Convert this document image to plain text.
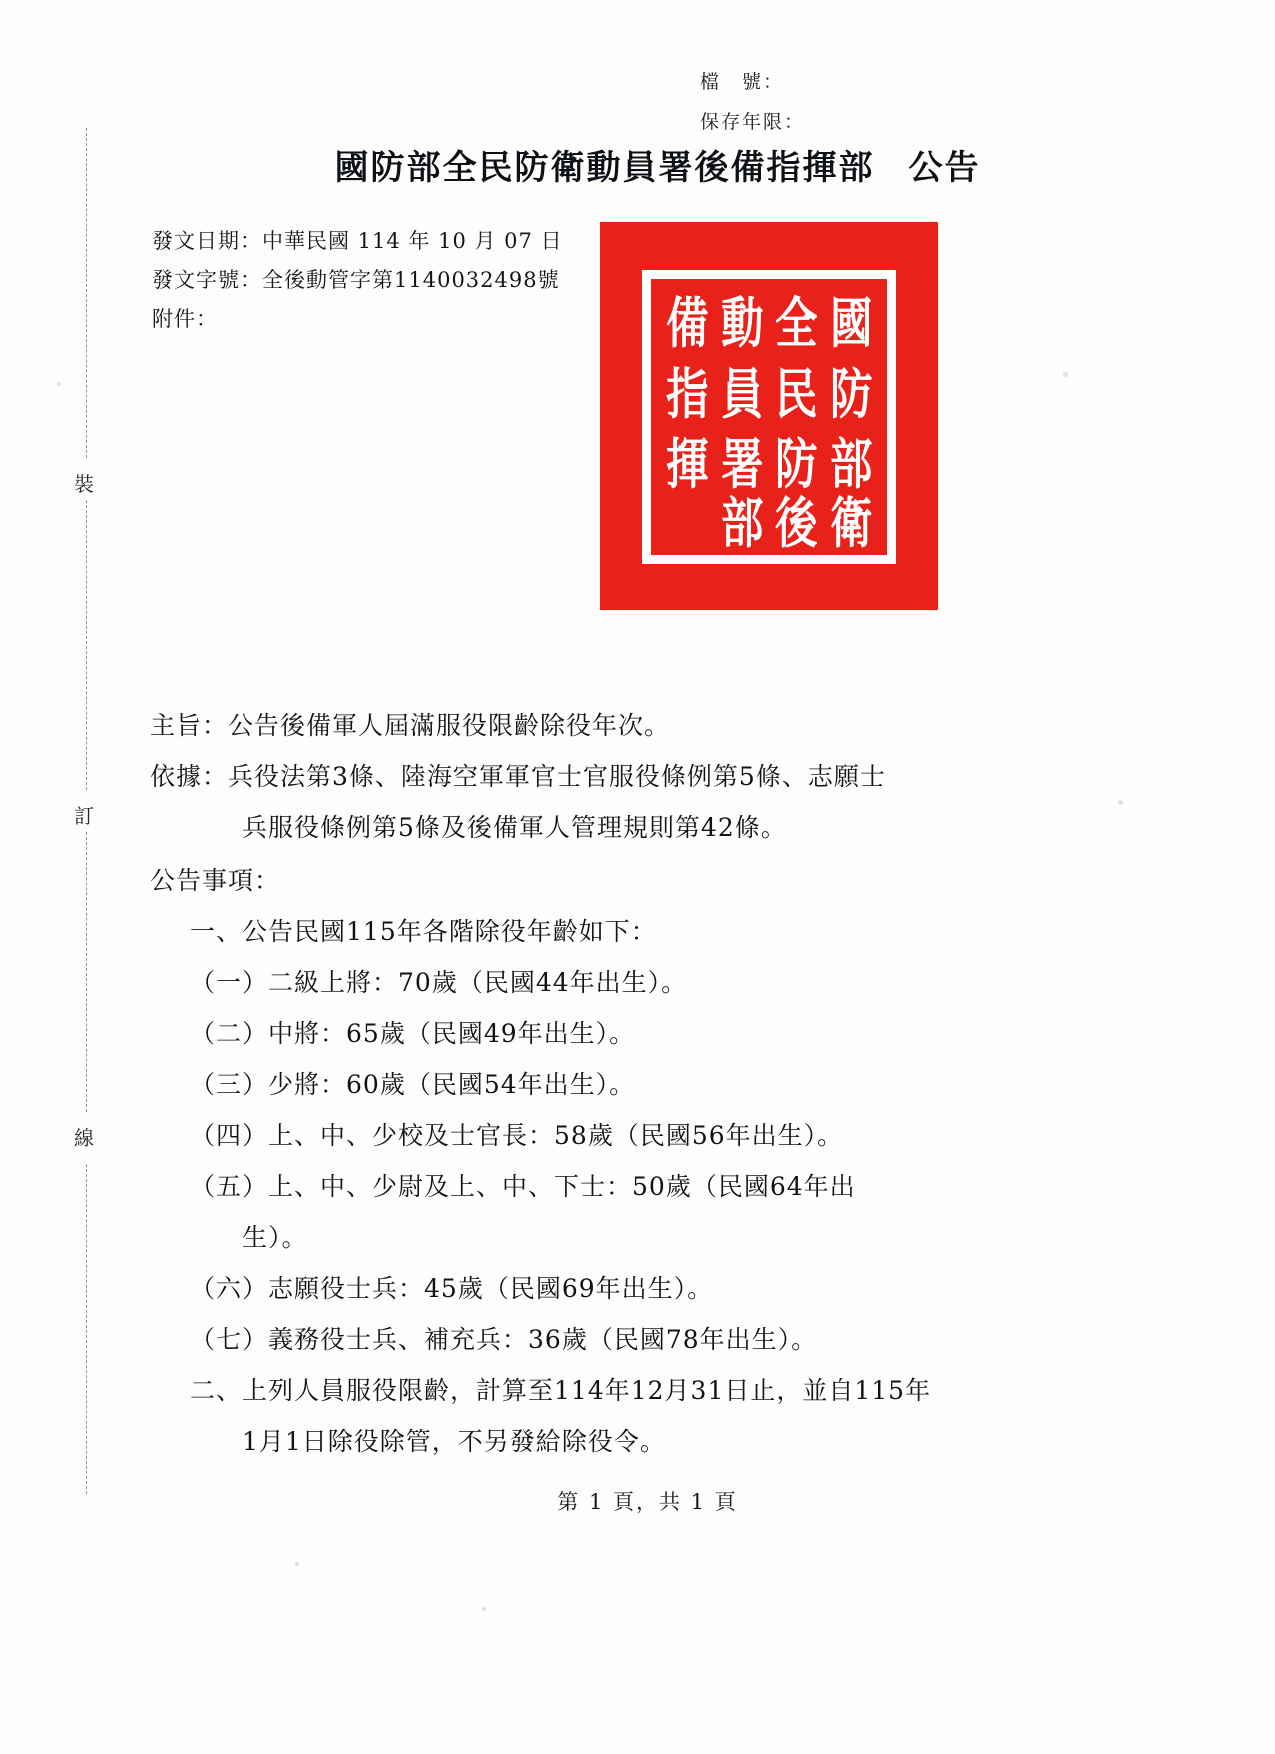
檔　號：
保存年限：
國防部全民防衛動員署後備指揮部 公告
發文日期：中華民國 114 年 10 月 07 日
發文字號：全後動管字第1140032498號
附件：	國
全
動
備
防
民
員
指
部
防
署
揮
衛
後
部
主旨： 公告後備軍人屆滿服役限齡除役年次。
依據： 兵役法第3條、陸海空軍軍官士官服役條例第5條、志願士
兵服役條例第5條及後備軍人管理規則第42條。
公告事項：
一、 公告民國115年各階除役年齡如下：
（一） 二級上將：70歲（民國44年出生）。
（二） 中將：65歲（民國49年出生）。
（三） 少將：60歲（民國54年出生）。
（四） 上、中、少校及士官長：58歲（民國56年出生）。
（五） 上、中、少尉及上、中、下士：50歲（民國64年出
生）。
（六） 志願役士兵：45歲（民國69年出生）。
（七） 義務役士兵、補充兵：36歲（民國78年出生）。
二、 上列人員服役限齡，計算至114年12月31日止，並自115年
1月1日除役除管，不另發給除役令。
裝
訂
線
第 1 頁，共 1 頁
